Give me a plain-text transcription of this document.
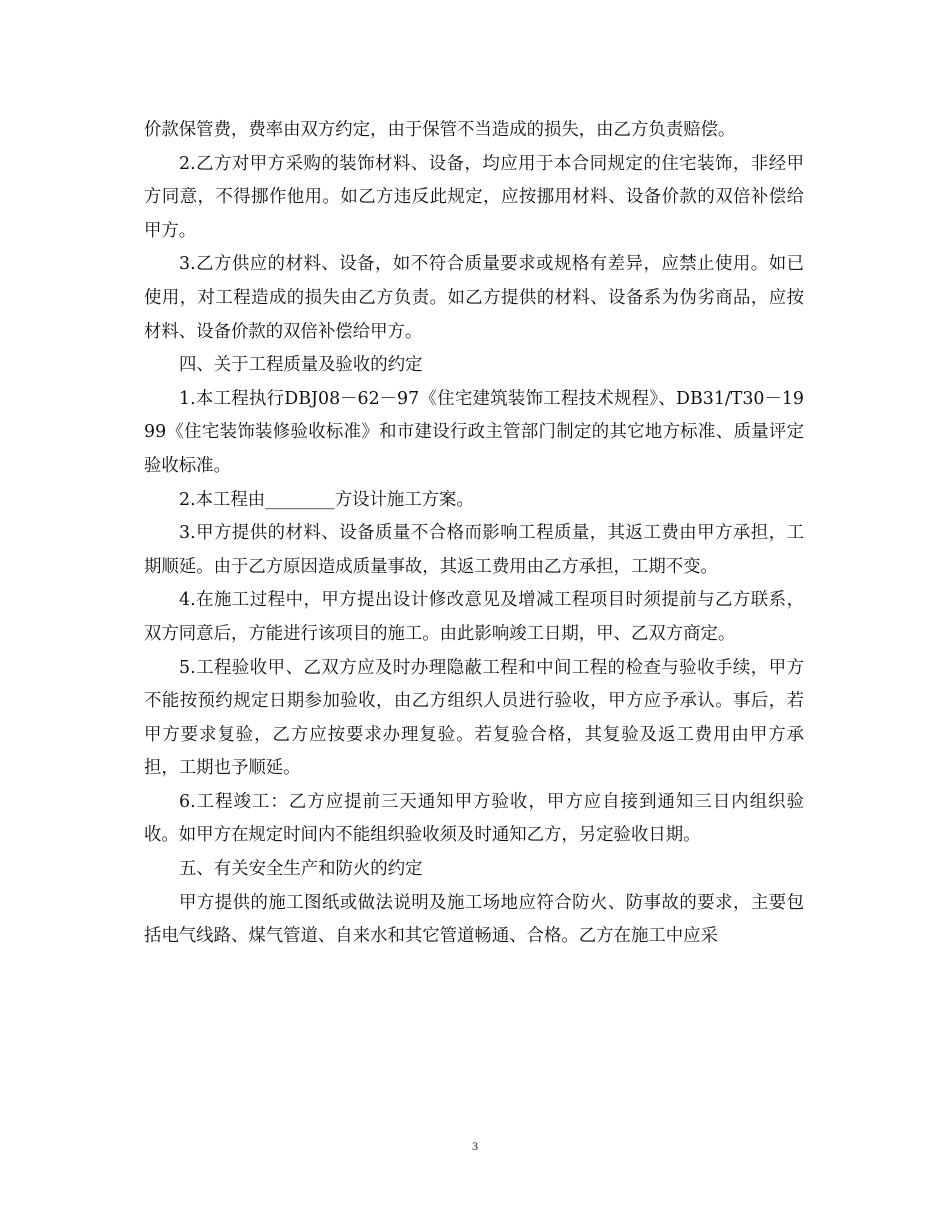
价款保管费，费率由双方约定，由于保管不当造成的损失，由乙方负责赔偿。

2.乙方对甲方采购的装饰材料、设备，均应用于本合同规定的住宅装饰，非经甲方同意，不得挪作他用。如乙方违反此规定，应按挪用材料、设备价款的双倍补偿给甲方。

3.乙方供应的材料、设备，如不符合质量要求或规格有差异，应禁止使用。如已使用，对工程造成的损失由乙方负责。如乙方提供的材料、设备系为伪劣商品，应按材料、设备价款的双倍补偿给甲方。

四、关于工程质量及验收的约定

1.本工程执行DBJ08－62－97《住宅建筑装饰工程技术规程》、DB31/T30－1999《住宅装饰装修验收标准》和市建设行政主管部门制定的其它地方标准、质量评定验收标准。

2.本工程由________方设计施工方案。

3.甲方提供的材料、设备质量不合格而影响工程质量，其返工费由甲方承担，工期顺延。由于乙方原因造成质量事故，其返工费用由乙方承担，工期不变。

4.在施工过程中，甲方提出设计修改意见及增减工程项目时须提前与乙方联系，双方同意后，方能进行该项目的施工。由此影响竣工日期，甲、乙双方商定。

5.工程验收甲、乙双方应及时办理隐蔽工程和中间工程的检查与验收手续，甲方不能按预约规定日期参加验收，由乙方组织人员进行验收，甲方应予承认。事后，若甲方要求复验，乙方应按要求办理复验。若复验合格，其复验及返工费用由甲方承担，工期也予顺延。

6.工程竣工：乙方应提前三天通知甲方验收，甲方应自接到通知三日内组织验收。如甲方在规定时间内不能组织验收须及时通知乙方，另定验收日期。

五、有关安全生产和防火的约定

甲方提供的施工图纸或做法说明及施工场地应符合防火、防事故的要求，主要包括电气线路、煤气管道、自来水和其它管道畅通、合格。乙方在施工中应采

3
